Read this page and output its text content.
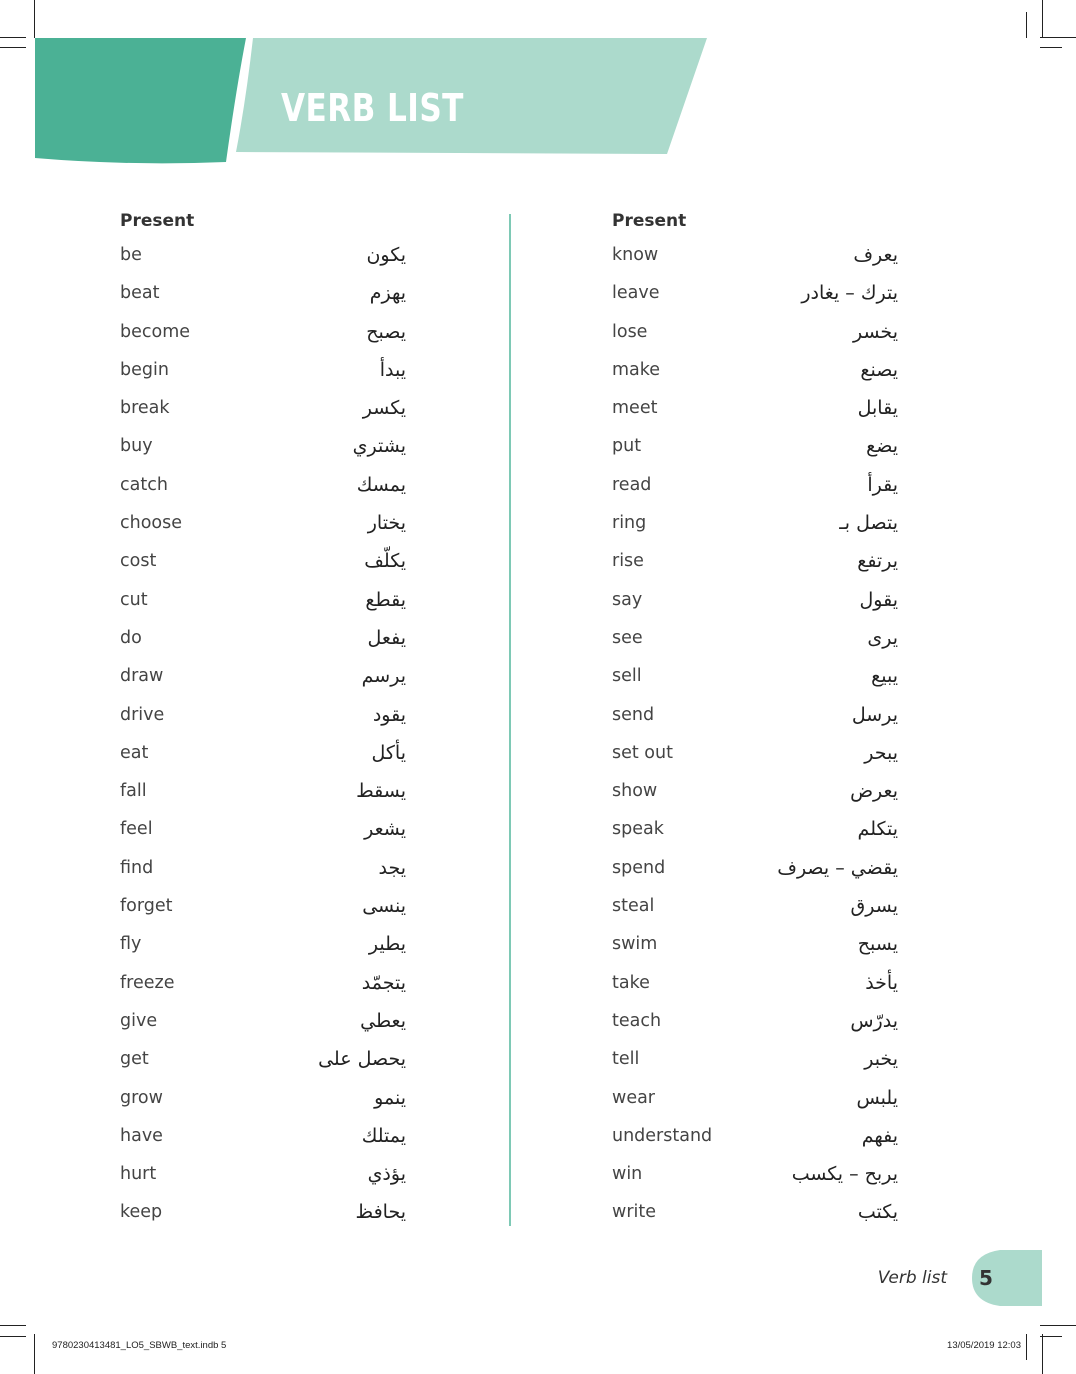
VERB LIST
Present
be	يكون
beat	يهزم
become	يصبح
begin	يبدأ
break	يكسر
buy	يشتري
catch	يمسك
choose	يختار
cost	يكلّف
cut	يقطع
do	يفعل
draw	يرسم
drive	يقود
eat	يأكل
fall	يسقط
feel	يشعر
find	يجد
forget	ينسى
fly	يطير
freeze	يتجمّد
give	يعطي
get	يحصل على
grow	ينمو
have	يمتلك
hurt	يؤذي
keep	يحافظ
Present
know	يعرف
leave	يترك – يغادر
lose	يخسر
make	يصنع
meet	يقابل
put	يضع
read	يقرأ
ring	يتصل بـ
rise	يرتفع
say	يقول
see	يرى
sell	يبيع
send	يرسل
set out	يبحر
show	يعرض
speak	يتكلم
spend	يقضي – يصرف
steal	يسرق
swim	يسبح
take	يأخذ
teach	يدرّس
tell	يخبر
wear	يلبس
understand	يفهم
win	يربح – يكسب
write	يكتب
Verb list 5
9780230413481_LO5_SBWB_text.indb 5	13/05/2019 12:03
